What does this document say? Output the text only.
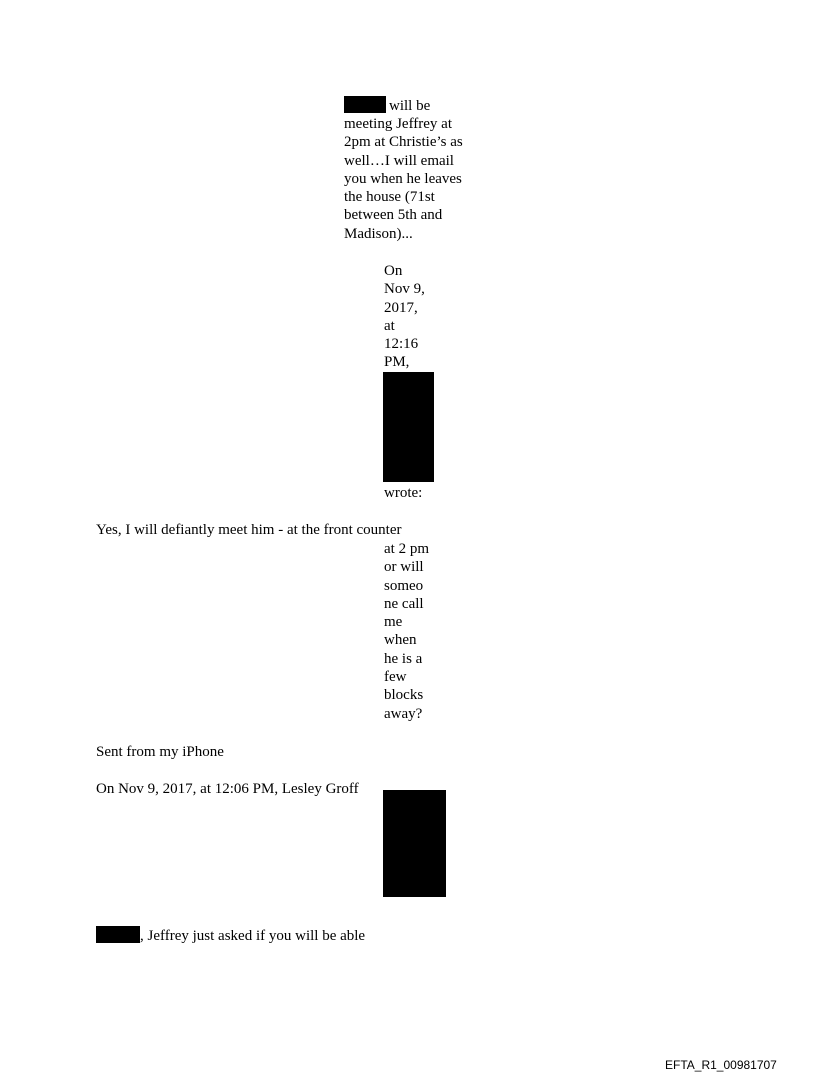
will be
meeting Jeffrey at
2pm at Christie’s as
well…I will email
you when he leaves
the house (71st
between 5th and
Madison)...
On
Nov 9,
2017,
at
12:16
PM,
wrote:
Yes, I will defiantly meet him - at the front counter
at 2 pm
or will
someo
ne call
me
when
he is a
few
blocks
away?
Sent from my iPhone
On Nov 9, 2017, at 12:06 PM, Lesley Groff
, Jeffrey just asked if you will be able
EFTA_R1_00981707
